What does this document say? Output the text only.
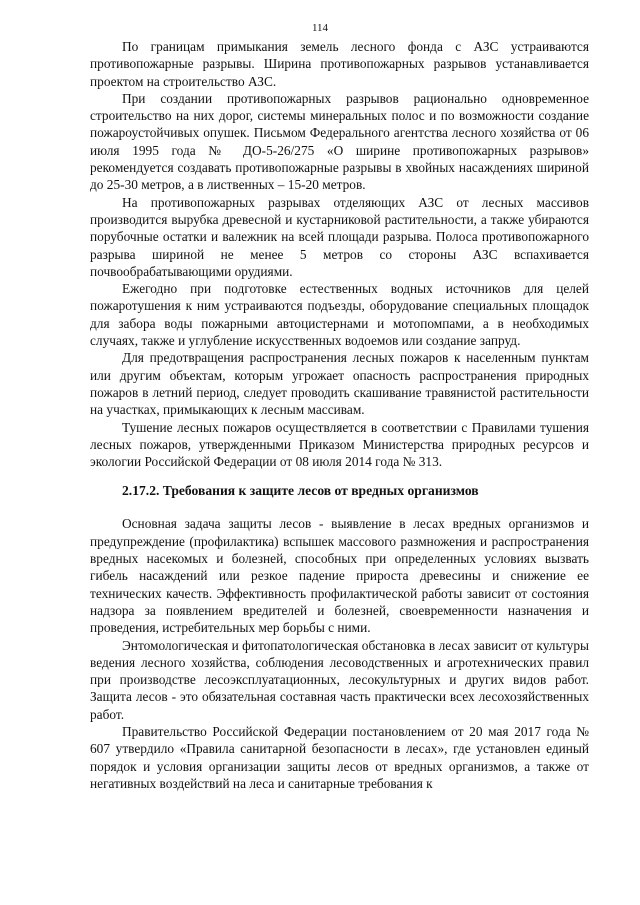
114

По границам примыкания земель лесного фонда с АЗС устраиваются противопожарные разрывы. Ширина противопожарных разрывов устанавливается проектом на строительство АЗС.

При создании противопожарных разрывов рационально одновременное строительство на них дорог, системы минеральных полос и по возможности создание пожароустойчивых опушек. Письмом Федерального агентства лесного хозяйства от 06 июля 1995 года № ДО-5-26/275 «О ширине противопожарных разрывов» рекомендуется создавать противопожарные разрывы в хвойных насаждениях шириной до 25-30 метров, а в лиственных – 15-20 метров.

На противопожарных разрывах отделяющих АЗС от лесных массивов производится вырубка древесной и кустарниковой растительности, а также убираются порубочные остатки и валежник на всей площади разрыва. Полоса противопожарного разрыва шириной не менее 5 метров со стороны АЗС вспахивается почвообрабатывающими орудиями.

Ежегодно при подготовке естественных водных источников для целей пожаротушения к ним устраиваются подъезды, оборудование специальных площадок для забора воды пожарными автоцистернами и мотопомпами, а в необходимых случаях, также и углубление искусственных водоемов или создание запруд.

Для предотвращения распространения лесных пожаров к населенным пунктам или другим объектам, которым угрожает опасность распространения природных пожаров в летний период, следует проводить скашивание травянистой растительности на участках, примыкающих к лесным массивам.

Тушение лесных пожаров осуществляется в соответствии с Правилами тушения лесных пожаров, утвержденными Приказом Министерства природных ресурсов и экологии Российской Федерации от 08 июля 2014 года № 313.

2.17.2. Требования к защите лесов от вредных организмов

Основная задача защиты лесов - выявление в лесах вредных организмов и предупреждение (профилактика) вспышек массового размножения и распространения вредных насекомых и болезней, способных при определенных условиях вызвать гибель насаждений или резкое падение прироста древесины и снижение ее технических качеств. Эффективность профилактической работы зависит от состояния надзора за появлением вредителей и болезней, своевременности назначения и проведения, истребительных мер борьбы с ними.

Энтомологическая и фитопатологическая обстановка в лесах зависит от культуры ведения лесного хозяйства, соблюдения лесоводственных и агротехнических правил при производстве лесоэксплуатационных, лесокультурных и других видов работ. Защита лесов - это обязательная составная часть практически всех лесохозяйственных работ.

Правительство Российской Федерации постановлением от 20 мая 2017 года № 607 утвердило «Правила санитарной безопасности в лесах», где установлен единый порядок и условия организации защиты лесов от вредных организмов, а также от негативных воздействий на леса и санитарные требования к
